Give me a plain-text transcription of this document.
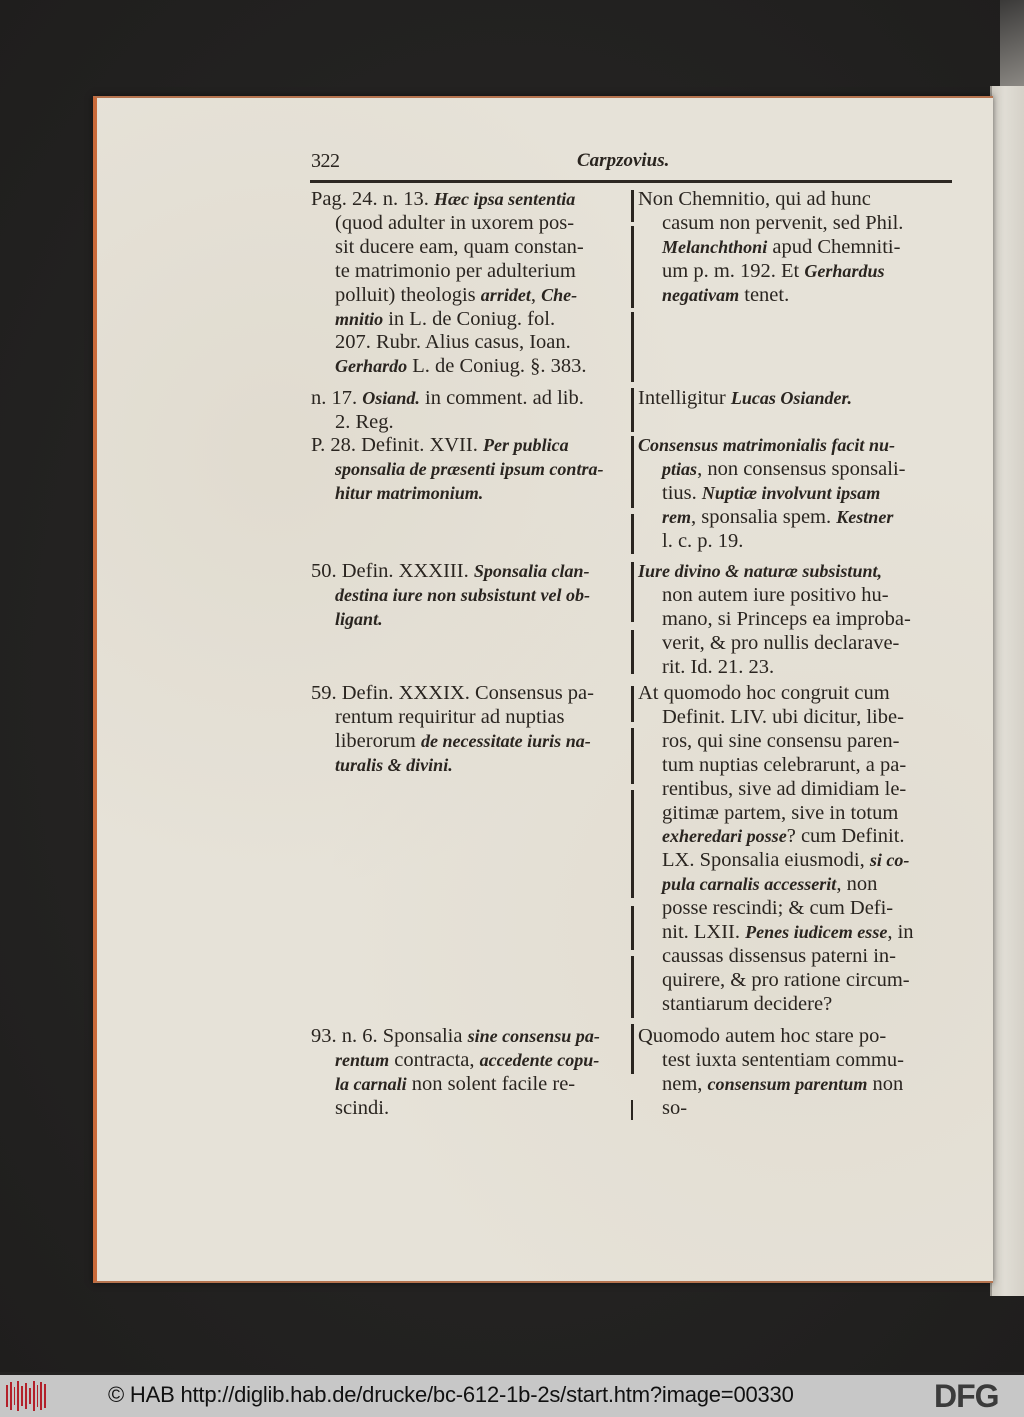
322	Carpzovius.
Pag. 24. n. 13. Hæc ipsa sententia
(quod adulter in uxorem pos-
sit ducere eam, quam constan-
te matrimonio per adulterium
polluit) theologis arridet, Che-
mnitio in L. de Coniug. fol.
207. Rubr. Alius casus, Ioan.
Gerhardo L. de Coniug. §. 383.
n. 17. Osiand. in comment. ad lib.
2. Reg.
P. 28. Definit. XVII. Per publica
sponsalia de præsenti ipsum contra-
hitur matrimonium.
50. Defin. XXXIII. Sponsalia clan-
destina iure non subsistunt vel ob-
ligant.
59. Defin. XXXIX. Consensus pa-
rentum requiritur ad nuptias
liberorum de necessitate iuris na-
turalis & divini.
93. n. 6. Sponsalia sine consensu pa-
rentum contracta, accedente copu-
la carnali non solent facile re-
scindi.
Non Chemnitio, qui ad hunc
casum non pervenit, sed Phil.
Melanchthoni apud Chemniti-
um p. m. 192. Et Gerhardus
negativam tenet.
Intelligitur Lucas Osiander.
Consensus matrimonialis facit nu-
ptias, non consensus sponsali-
tius. Nuptiæ involvunt ipsam
rem, sponsalia spem. Kestner
l. c. p. 19.
Iure divino & naturæ subsistunt,
non autem iure positivo hu-
mano, si Princeps ea improba-
verit, & pro nullis declarave-
rit. Id. 21. 23.
At quomodo hoc congruit cum
Definit. LIV. ubi dicitur, libe-
ros, qui sine consensu paren-
tum nuptias celebrarunt, a pa-
rentibus, sive ad dimidiam le-
gitimæ partem, sive in totum
exheredari posse? cum Definit.
LX. Sponsalia eiusmodi, si co-
pula carnalis accesserit, non
posse rescindi; & cum Defi-
nit. LXII. Penes iudicem esse, in
caussas dissensus paterni in-
quirere, & pro ratione circum-
stantiarum decidere?
Quomodo autem hoc stare po-
test iuxta sententiam commu-
nem, consensum parentum non
so-
© HAB http://diglib.hab.de/drucke/bc-612-1b-2s/start.htm?image=00330	DFG
